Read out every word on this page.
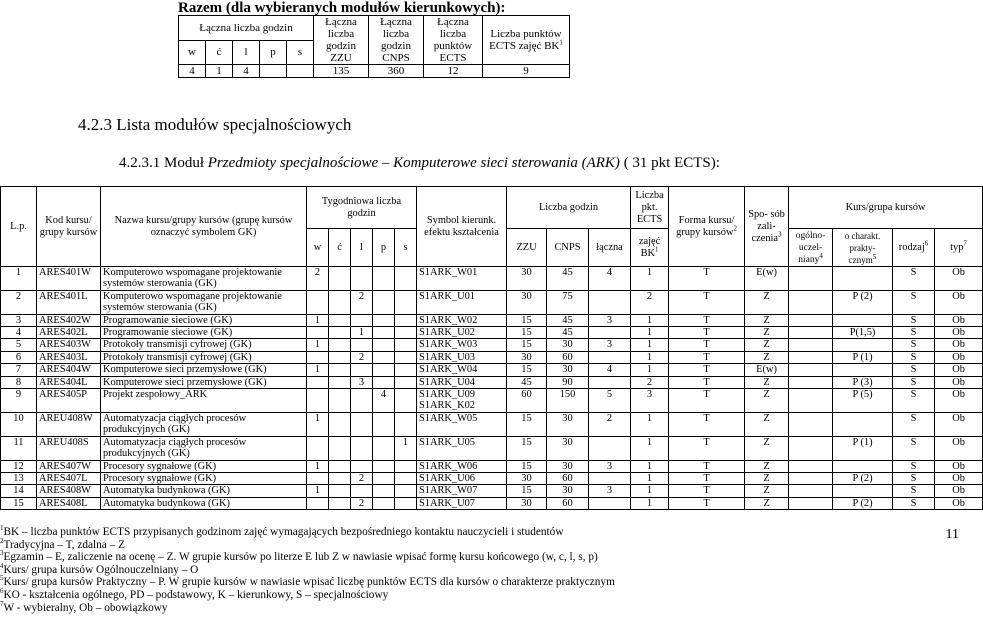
Razem (dla wybieranych modułów kierunkowych):
Łączna liczba godzin					Łączna liczba godzin ZZU	Łączna liczba godzin CNPS	Łączna liczba punktów ECTS	Liczba punktów ECTS zajęć $BK^1$
w	ć	l	p	s				
4	1	4			135	360	12	9
4.2.3 Lista modułów specjalnościowych
4.2.3.1 Moduł Przedmioty specjalnościowe – Komputerowe sieci sterowania (ARK) ( 31 pkt ECTS):
L.p.	Kod kursu/ grupy kursów	Nazwa kursu/grupy kursów (grupę kursów oznaczyć symbolem GK)	Tygodniowa liczba godzin					Symbol kierunk. efektu kształcenia	Liczba godzin			Liczba pkt. ECTS	Forma kursu/ grupy kursów$^2$	Spo- sób zali- czenia$^3$	Kurs/grupa kursów			
			w	ć	l	p	s		ZZU	CNPS	łączna	zajęć $BK^1$			ogólno- uczel- niany$^4$	o charakt. prakty- cznym$^5$	rodzaj$^6$	typ$^7$
1	ARES401W	Komputerowo wspomagane projektowanie systemów sterowania (GK)	2					S1ARK_W01	30	45	4	1	T	E(w)			S	Ob
2	ARES401L	Komputerowo wspomagane projektowanie systemów sterowania (GK)			2			S1ARK_U01	30	75		2	T	Z		P (2)	S	Ob
3	ARES402W	Programowanie sieciowe (GK)	1					S1ARK_W02	15	45	3	1	T	Z			S	Ob
4	ARES402L	Programowanie sieciowe (GK)			1			S1ARK_U02	15	45		1	T	Z		P(1,5)	S	Ob
5	ARES403W	Protokoły transmisji cyfrowej (GK)	1					S1ARK_W03	15	30	3	1	T	Z			S	Ob
6	ARES403L	Protokoły transmisji cyfrowej (GK)			2			S1ARK_U03	30	60		1	T	Z		P (1)	S	Ob
7	ARES404W	Komputerowe sieci przemysłowe (GK)	1					S1ARK_W04	15	30	4	1	T	E(w)			S	Ob
8	ARES404L	Komputerowe sieci przemysłowe (GK)			3			S1ARK_U04	45	90		2	T	Z		P (3)	S	Ob
9	ARES405P	Projekt zespołowy_ARK				4		S1ARK_U09 S1ARK_K02	60	150	5	3	T	Z		P (5)	S	Ob
10	AREU408W	Automatyzacja ciągłych procesów produkcyjnych (GK)	1					S1ARK_W05	15	30	2	1	T	Z			S	Ob
11	AREU408S	Automatyzacja ciągłych procesów produkcyjnych (GK)					1	S1ARK_U05	15	30		1	T	Z		P (1)	S	Ob
12	ARES407W	Procesory sygnałowe (GK)	1					S1ARK_W06	15	30	3	1	T	Z			S	Ob
13	ARES407L	Procesory sygnałowe (GK)			2			S1ARK_U06	30	60		1	T	Z		P (2)	S	Ob
14	ARES408W	Automatyka budynkowa (GK)	1					S1ARK_W07	15	30	3	1	T	Z			S	Ob
15	ARES408L	Automatyka budynkowa (GK)			2			S1ARK_U07	30	60		1	T	Z		P (2)	S	Ob
$^1$BK – liczba punktów ECTS przypisanych godzinom zajęć wymagających bezpośredniego kontaktu nauczycieli i studentów
$^2$Tradycyjna – T, zdalna – Z
$^3$Egzamin – E, zaliczenie na ocenę – Z. W grupie kursów po literze E lub Z w nawiasie wpisać formę kursu końcowego (w, c, l, s, p)
$^4$Kurs/ grupa kursów Ogólnouczelniany – O
$^5$Kurs/ grupa kursów Praktyczny – P. W grupie kursów w nawiasie wpisać liczbę punktów ECTS dla kursów o charakterze praktycznym
$^6$KO - kształcenia ogólnego, PD – podstawowy, K – kierunkowy, S – specjalnościowy
$^7$W - wybieralny, Ob – obowiązkowy
11
